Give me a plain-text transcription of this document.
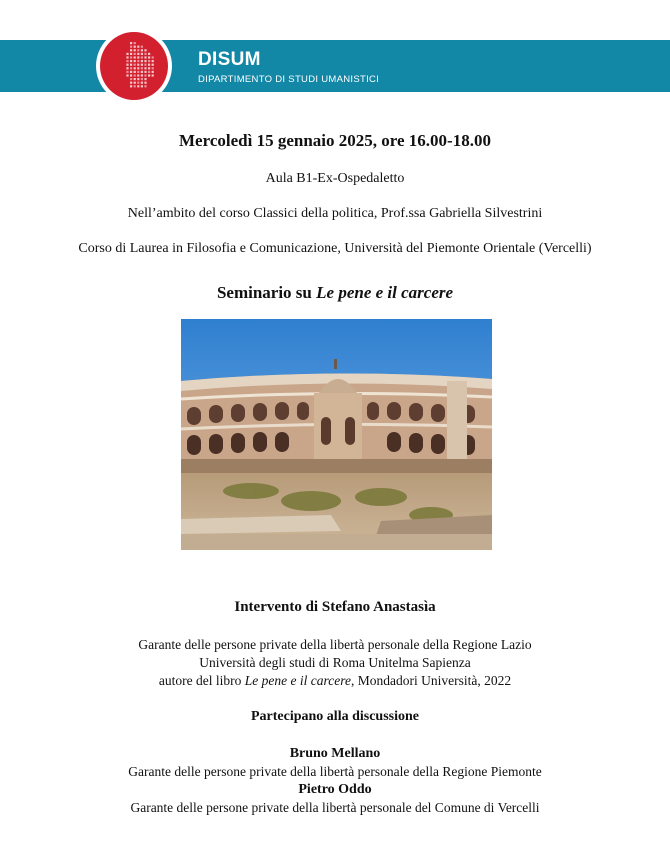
DISUM
DIPARTIMENTO DI STUDI UMANISTICI
Mercoledì 15 gennaio 2025, ore 16.00-18.00
Aula B1-Ex-Ospedaletto
Nell’ambito del corso Classici della politica, Prof.ssa Gabriella Silvestrini
Corso di Laurea in Filosofia e Comunicazione, Università del Piemonte Orientale (Vercelli)
Seminario su Le pene e il carcere
Intervento di Stefano Anastasìa
Garante delle persone private della libertà personale della Regione Lazio
Università degli studi di Roma Unitelma Sapienza
autore del libro Le pene e il carcere, Mondadori Università, 2022
Partecipano alla discussione
Bruno Mellano
Garante delle persone private della libertà personale della Regione Piemonte
Pietro Oddo
Garante delle persone private della libertà personale del Comune di Vercelli
